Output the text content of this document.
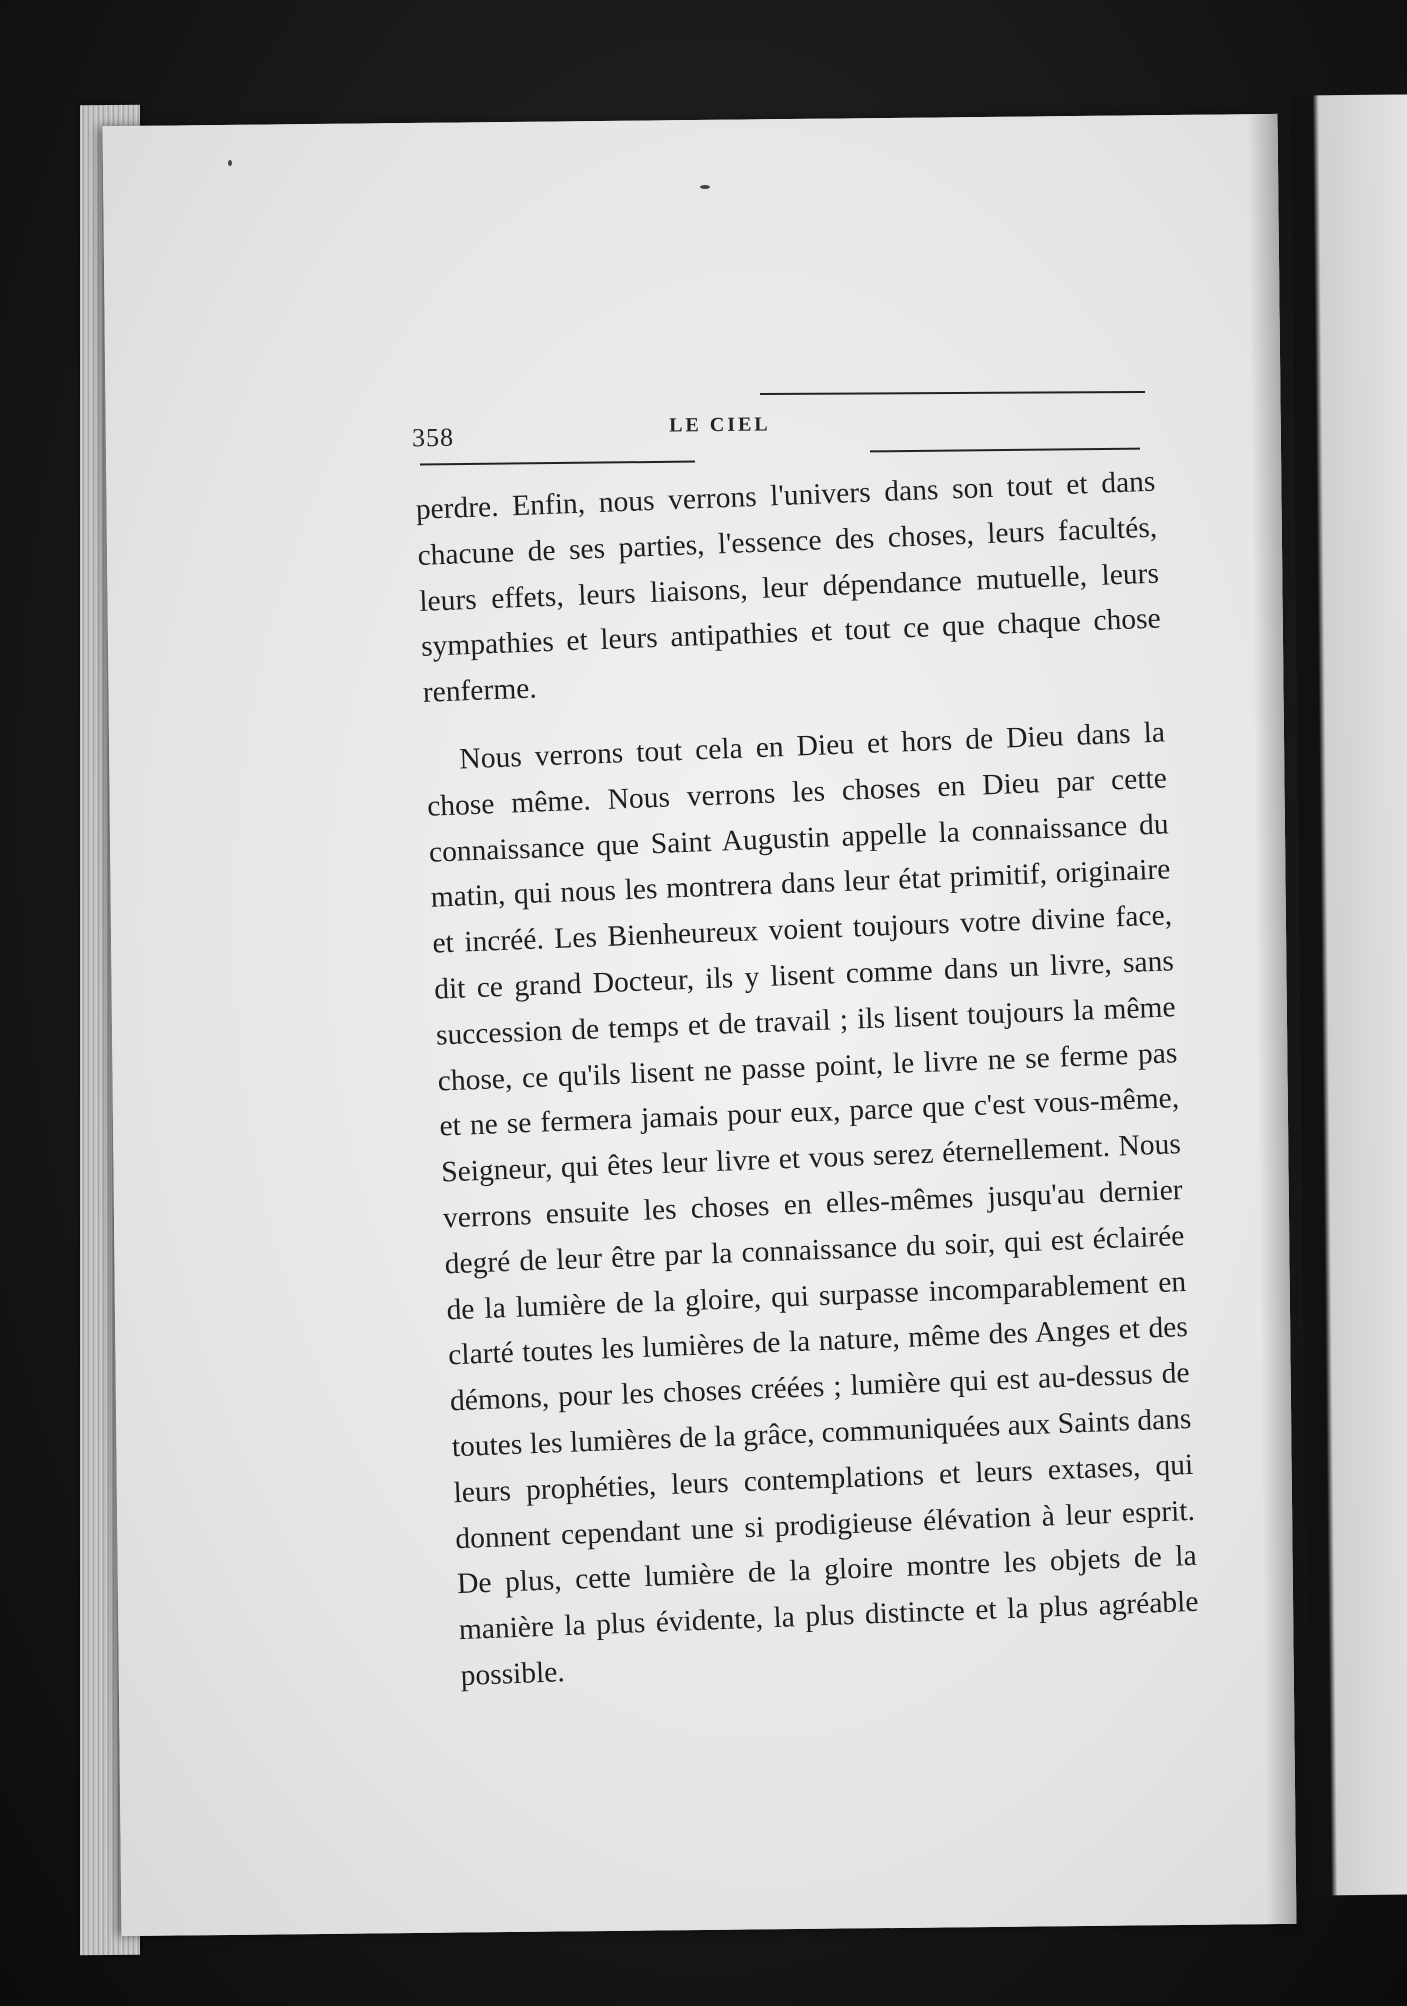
358	LE CIEL

perdre. Enfin, nous verrons l'univers dans son tout et dans chacune de ses parties, l'essence des choses, leurs facultés, leurs effets, leurs liaisons, leur dépendance mutuelle, leurs sympathies et leurs antipathies et tout ce que chaque chose renferme.

Nous verrons tout cela en Dieu et hors de Dieu dans la chose même. Nous verrons les choses en Dieu par cette connaissance que Saint Augustin appelle la connaissance du matin, qui nous les montrera dans leur état primitif, originaire et incréé. Les Bienheureux voient toujours votre divine face, dit ce grand Docteur, ils y lisent comme dans un livre, sans succession de temps et de travail ; ils lisent toujours la même chose, ce qu'ils lisent ne passe point, le livre ne se ferme pas et ne se fermera jamais pour eux, parce que c'est vous-même, Seigneur, qui êtes leur livre et vous serez éternellement. Nous verrons ensuite les choses en elles-mêmes jusqu'au dernier degré de leur être par la connaissance du soir, qui est éclairée de la lumière de la gloire, qui surpasse incomparablement en clarté toutes les lumières de la nature, même des Anges et des démons, pour les choses créées ; lumière qui est au-dessus de toutes les lumières de la grâce, communiquées aux Saints dans leurs prophéties, leurs contemplations et leurs extases, qui donnent cependant une si prodigieuse élévation à leur esprit. De plus, cette lumière de la gloire montre les objets de la manière la plus évidente, la plus distincte et la plus agréable possible.
